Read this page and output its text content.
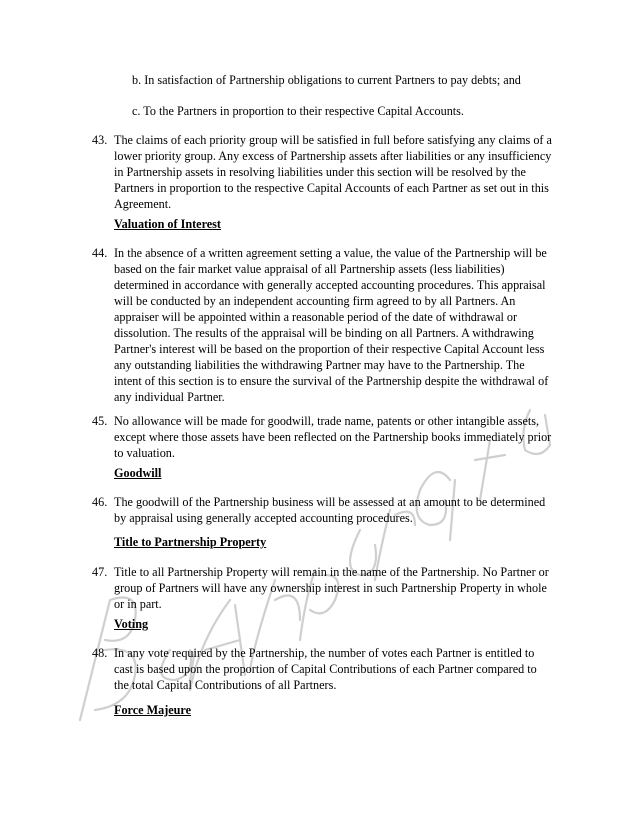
b. In satisfaction of Partnership obligations to current Partners to pay debts; and
c. To the Partners in proportion to their respective Capital Accounts.
43. The claims of each priority group will be satisfied in full before satisfying any claims of a
lower priority group. Any excess of Partnership assets after liabilities or any insufficiency
in Partnership assets in resolving liabilities under this section will be resolved by the
Partners in proportion to the respective Capital Accounts of each Partner as set out in this
Agreement.
Valuation of Interest
44. In the absence of a written agreement setting a value, the value of the Partnership will be
based on the fair market value appraisal of all Partnership assets (less liabilities)
determined in accordance with generally accepted accounting procedures. This appraisal
will be conducted by an independent accounting firm agreed to by all Partners. An
appraiser will be appointed within a reasonable period of the date of withdrawal or
dissolution. The results of the appraisal will be binding on all Partners. A withdrawing
Partner's interest will be based on the proportion of their respective Capital Account less
any outstanding liabilities the withdrawing Partner may have to the Partnership. The
intent of this section is to ensure the survival of the Partnership despite the withdrawal of
any individual Partner.
45. No allowance will be made for goodwill, trade name, patents or other intangible assets,
except where those assets have been reflected on the Partnership books immediately prior
to valuation.
Goodwill
46. The goodwill of the Partnership business will be assessed at an amount to be determined
by appraisal using generally accepted accounting procedures.
Title to Partnership Property
47. Title to all Partnership Property will remain in the name of the Partnership. No Partner or
group of Partners will have any ownership interest in such Partnership Property in whole
or in part.
Voting
48. In any vote required by the Partnership, the number of votes each Partner is entitled to
cast is based upon the proportion of Capital Contributions of each Partner compared to
the total Capital Contributions of all Partners.
Force Majeure
